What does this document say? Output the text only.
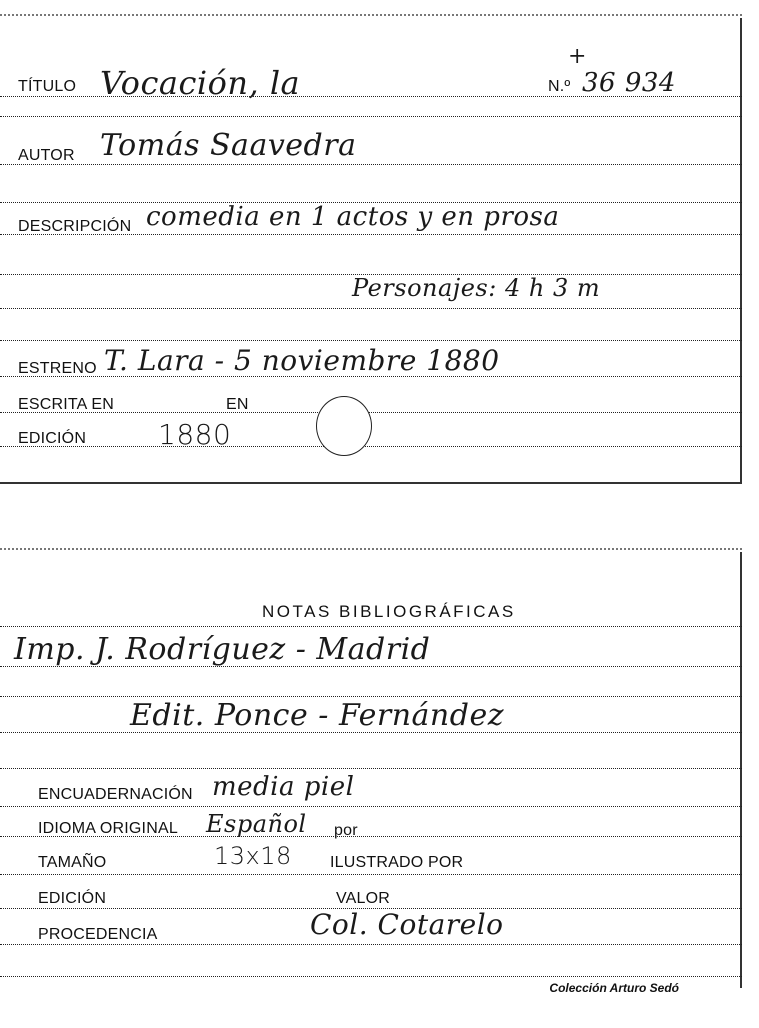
TÍTULO Vocación, la
+
N.º 36 934
AUTOR Tomás Saavedra
DESCRIPCIÓN comedia en 1 actos y en prosa
Personajes: 4 h 3 m
ESTRENO T. Lara - 5 noviembre 1880
ESCRITA EN	EN
EDICIÓN	1880
NOTAS BIBLIOGRÁFICAS
Imp. J. Rodríguez - Madrid
Edit. Ponce - Fernández
ENCUADERNACIÓN media piel
IDIOMA ORIGINAL Español por
TAMAÑO	13x18 ILUSTRADO POR
EDICIÓN	VALOR
PROCEDENCIA	Col. Cotarelo
Colección Arturo Sedó
